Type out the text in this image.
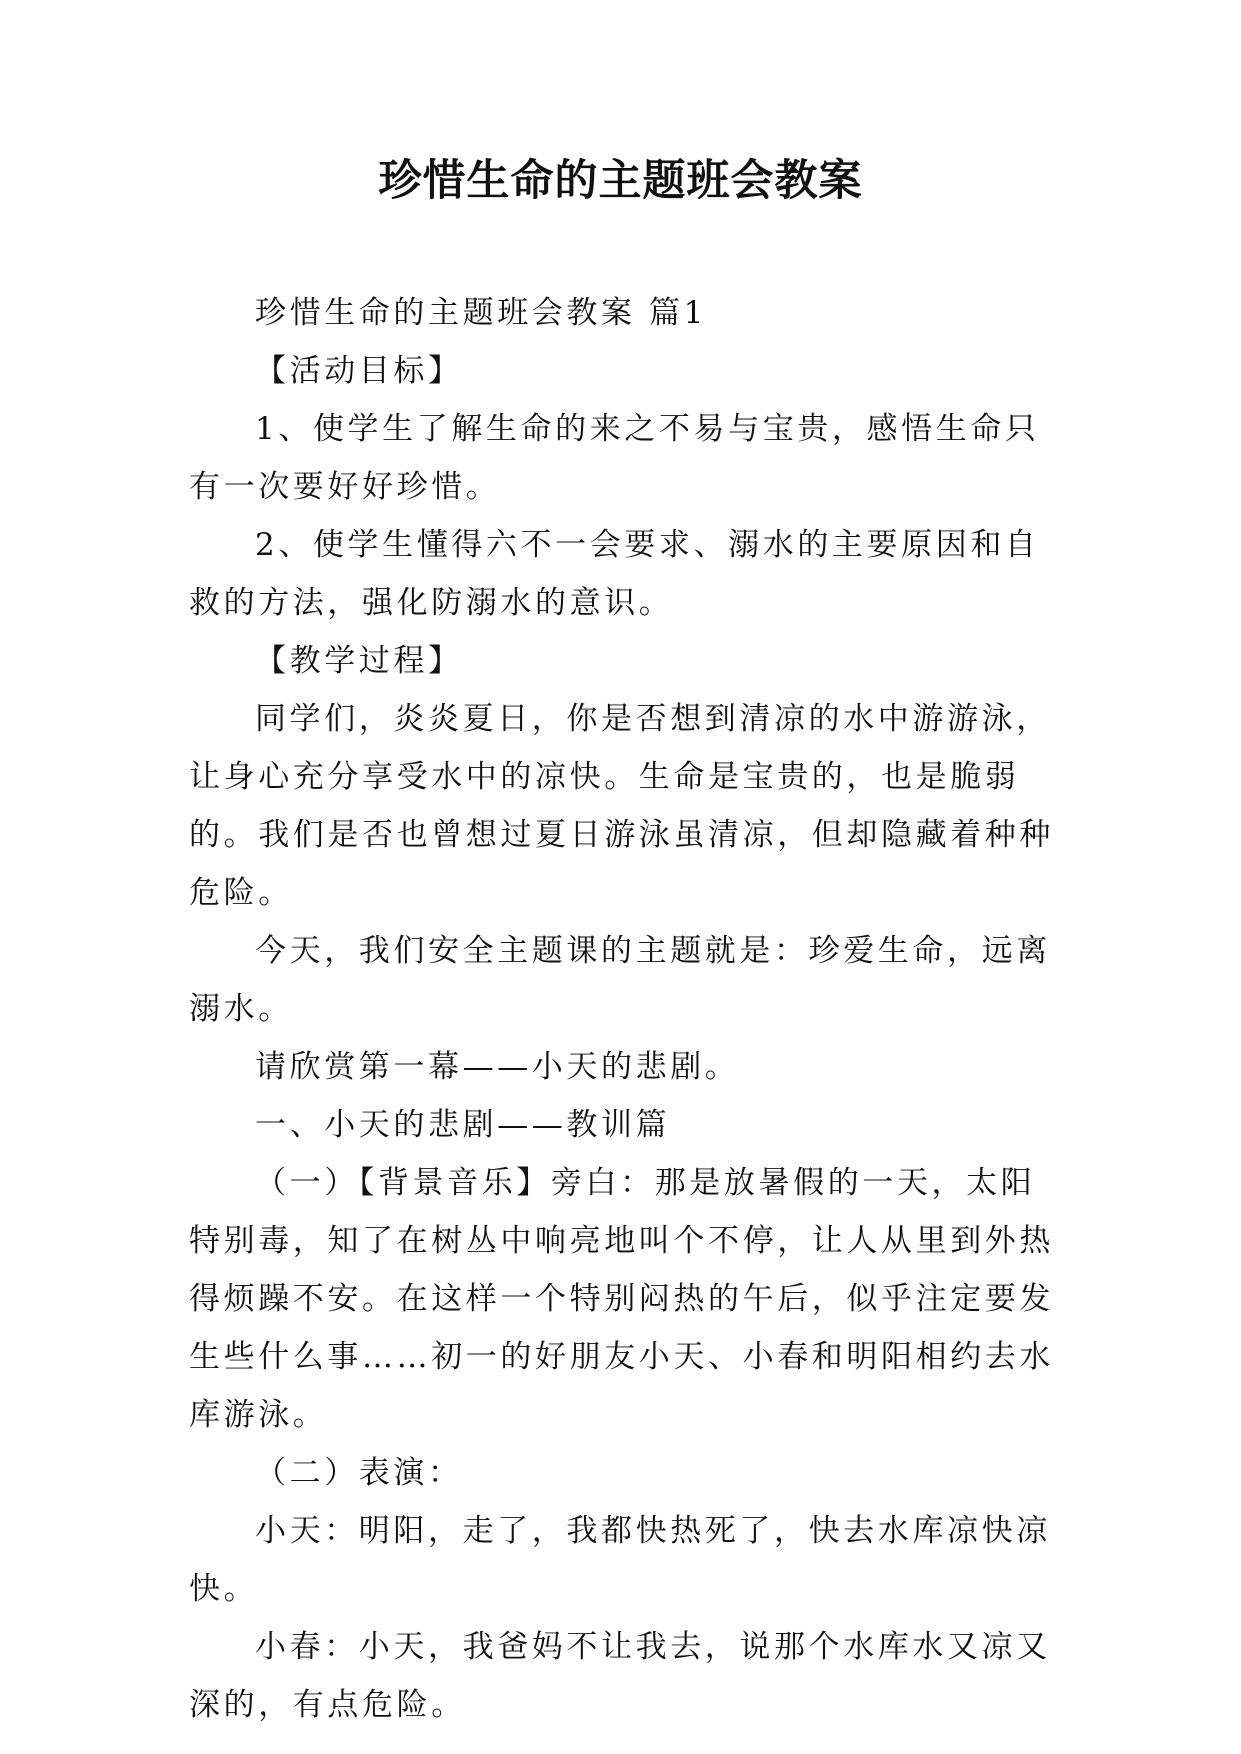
珍惜生命的主题班会教案

珍惜生命的主题班会教案 篇1

【活动目标】

1、使学生了解生命的来之不易与宝贵，感悟生命只有一次要好好珍惜。

2、使学生懂得六不一会要求、溺水的主要原因和自救的方法，强化防溺水的意识。

【教学过程】

同学们，炎炎夏日，你是否想到清凉的水中游游泳，让身心充分享受水中的凉快。生命是宝贵的，也是脆弱的。我们是否也曾想过夏日游泳虽清凉，但却隐藏着种种危险。

今天，我们安全主题课的主题就是：珍爱生命，远离溺水。

请欣赏第一幕——小天的悲剧。

一、小天的悲剧——教训篇

（一）【背景音乐】旁白：那是放暑假的一天，太阳特别毒，知了在树丛中响亮地叫个不停，让人从里到外热得烦躁不安。在这样一个特别闷热的午后，似乎注定要发生些什么事……初一的好朋友小天、小春和明阳相约去水库游泳。

（二）表演：

小天：明阳，走了，我都快热死了，快去水库凉快凉快。

小春：小天，我爸妈不让我去，说那个水库水又凉又深的，有点危险。
